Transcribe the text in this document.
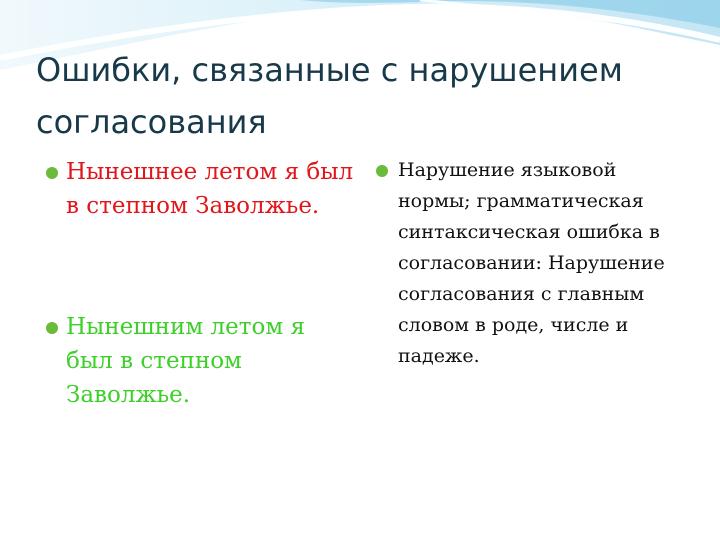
Ошибки, связанные с нарушением согласования
Нынешнее летом я был в степном Заволжье.
Нынешним летом я был в степном Заволжье.
Нарушение языковой нормы; грамматическая синтаксическая ошибка в согласовании: Нарушение согласования с главным словом в роде, числе и падеже.
